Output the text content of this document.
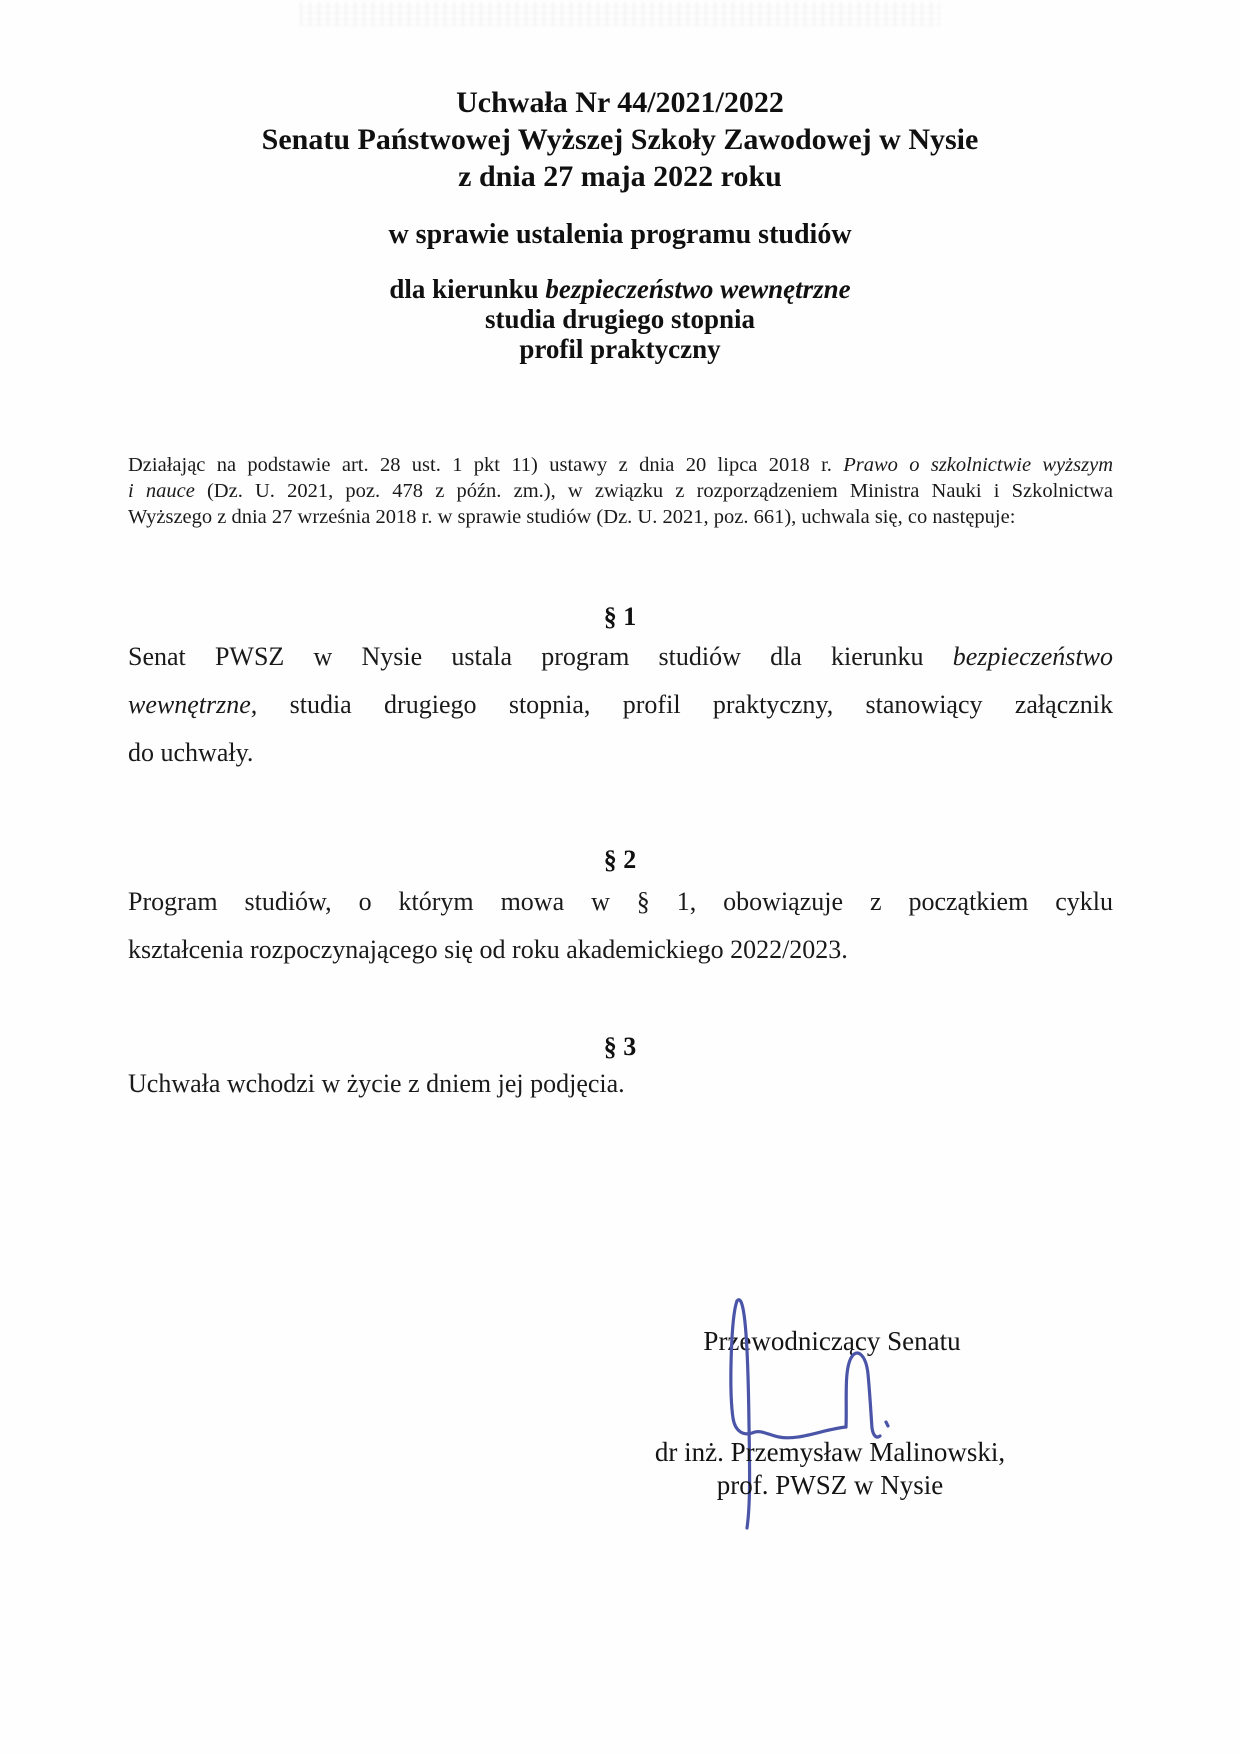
Uchwała Nr 44/2021/2022
Senatu Państwowej Wyższej Szkoły Zawodowej w Nysie
z dnia 27 maja 2022 roku
w sprawie ustalenia programu studiów
dla kierunku bezpieczeństwo wewnętrzne
studia drugiego stopnia
profil praktyczny
Działając na podstawie art. 28 ust. 1 pkt 11) ustawy z dnia 20 lipca 2018 r. Prawo o szkolnictwie wyższym
i nauce (Dz. U. 2021, poz. 478 z późn. zm.), w związku z rozporządzeniem Ministra Nauki i Szkolnictwa
Wyższego z dnia 27 września 2018 r. w sprawie studiów (Dz. U. 2021, poz. 661), uchwala się, co następuje:
§ 1
Senat PWSZ w Nysie ustala program studiów dla kierunku bezpieczeństwo
wewnętrzne, studia drugiego stopnia, profil praktyczny, stanowiący załącznik
do uchwały.
§ 2
Program studiów, o którym mowa w § 1, obowiązuje z początkiem cyklu
kształcenia rozpoczynającego się od roku akademickiego 2022/2023.
§ 3
Uchwała wchodzi w życie z dniem jej podjęcia.
Przewodniczący Senatu
dr inż. Przemysław Malinowski,
prof. PWSZ w Nysie
